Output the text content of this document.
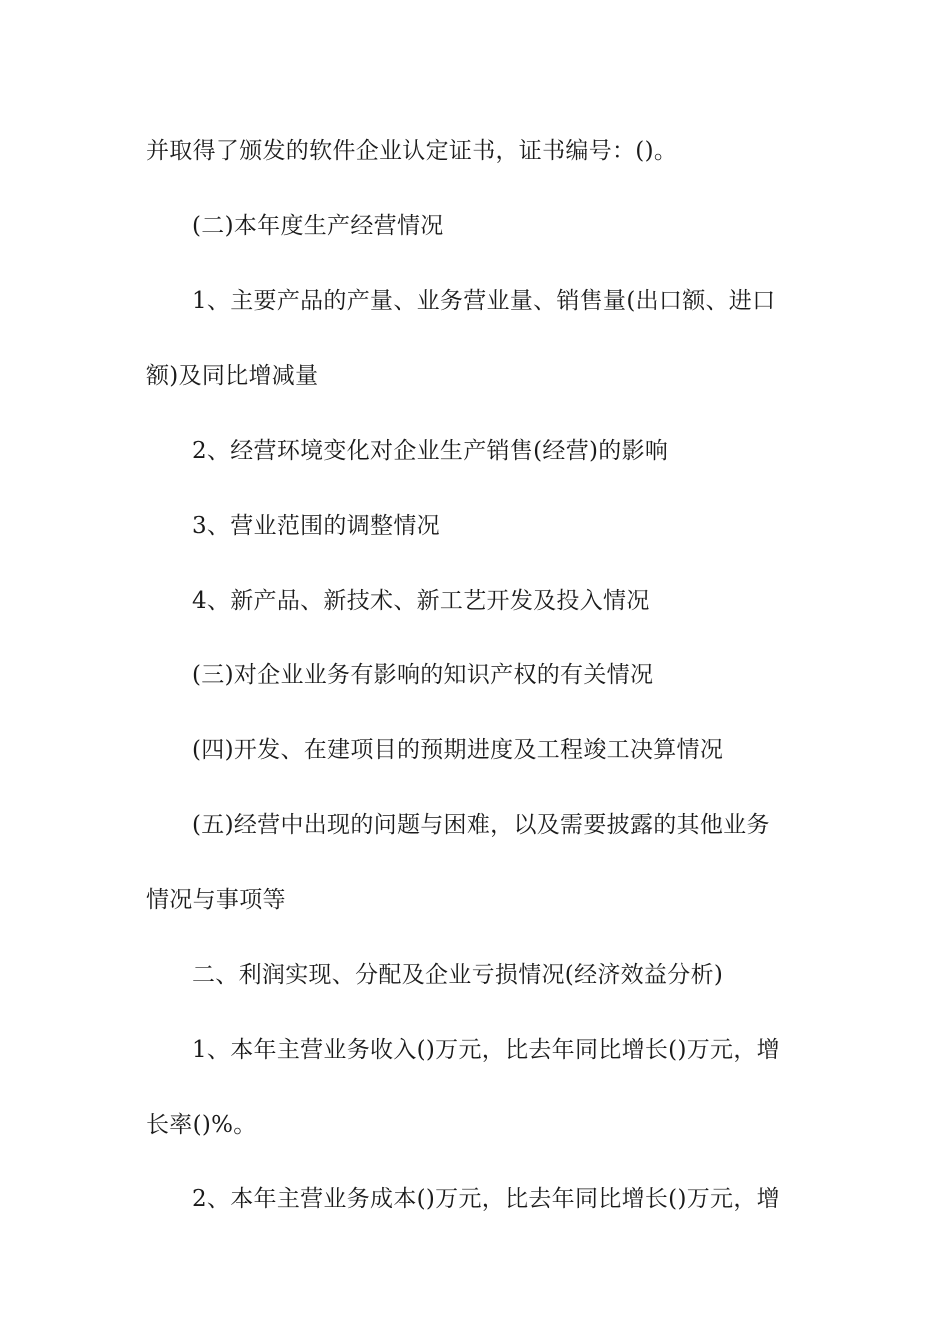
并取得了颁发的软件企业认定证书，证书编号：()。
(二)本年度生产经营情况
1、主要产品的产量、业务营业量、销售量(出口额、进口
额)及同比增减量
2、经营环境变化对企业生产销售(经营)的影响
3、营业范围的调整情况
4、新产品、新技术、新工艺开发及投入情况
(三)对企业业务有影响的知识产权的有关情况
(四)开发、在建项目的预期进度及工程竣工决算情况
(五)经营中出现的问题与困难，以及需要披露的其他业务
情况与事项等
二、利润实现、分配及企业亏损情况(经济效益分析)
1、本年主营业务收入()万元，比去年同比增长()万元，增
长率()%。
2、本年主营业务成本()万元，比去年同比增长()万元，增
